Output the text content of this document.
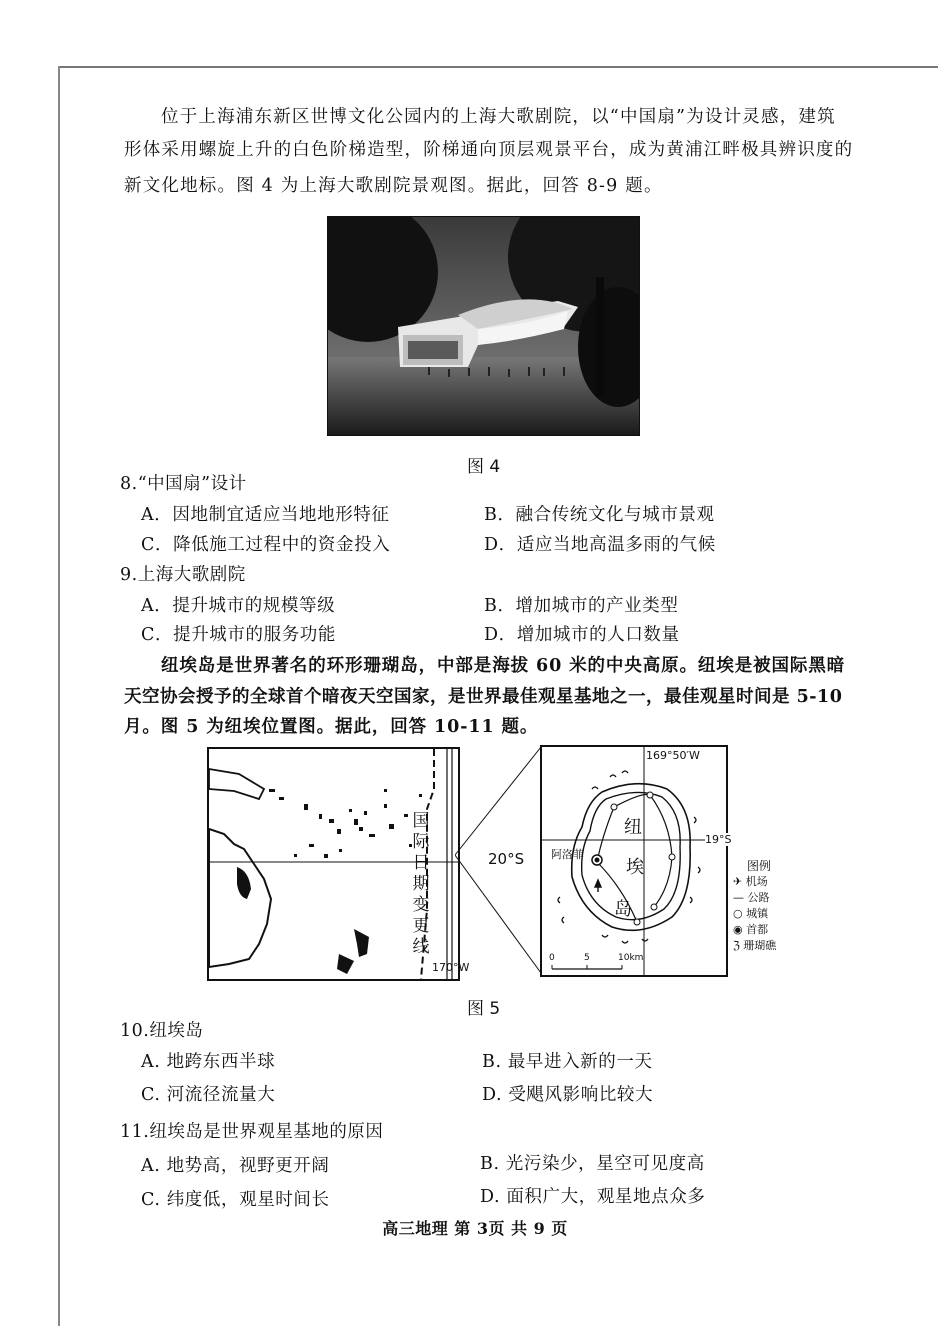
位于上海浦东新区世博文化公园内的上海大歌剧院，以“中国扇”为设计灵感，建筑
形体采用螺旋上升的白色阶梯造型，阶梯通向顶层观景平台，成为黄浦江畔极具辨识度的
新文化地标。图 4 为上海大歌剧院景观图。据此，回答 8-9 题。
图 4
8.“中国扇”设计
A．因地制宜适应当地地形特征	B．融合传统文化与城市景观
C．降低施工过程中的资金投入	D．适应当地高温多雨的气候
9.上海大歌剧院
A．提升城市的规模等级	B．增加城市的产业类型
C．提升城市的服务功能	D．增加城市的人口数量
纽埃岛是世界著名的环形珊瑚岛，中部是海拔 60 米的中央高原。纽埃是被国际黑暗
天空协会授予的全球首个暗夜天空国家，是世界最佳观星基地之一，最佳观星时间是 5-10
月。图 5 为纽埃位置图。据此，回答 10-11 题。
国
际
日
期
变
更
线
170°W
20°S
169°50′W
19°S
阿洛菲
纽
埃
岛
0	5	10km
图例
✈ 机场
— 公路
○ 城镇
◉ 首都
ℨ 珊瑚礁
图 5
10.纽埃岛
A. 地跨东西半球	B. 最早进入新的一天
C. 河流径流量大	D. 受飓风影响比较大
11.纽埃岛是世界观星基地的原因
A. 地势高，视野更开阔	B. 光污染少，星空可见度高
C. 纬度低，观星时间长	D. 面积广大，观星地点众多
高三地理 第 3页 共 9 页
